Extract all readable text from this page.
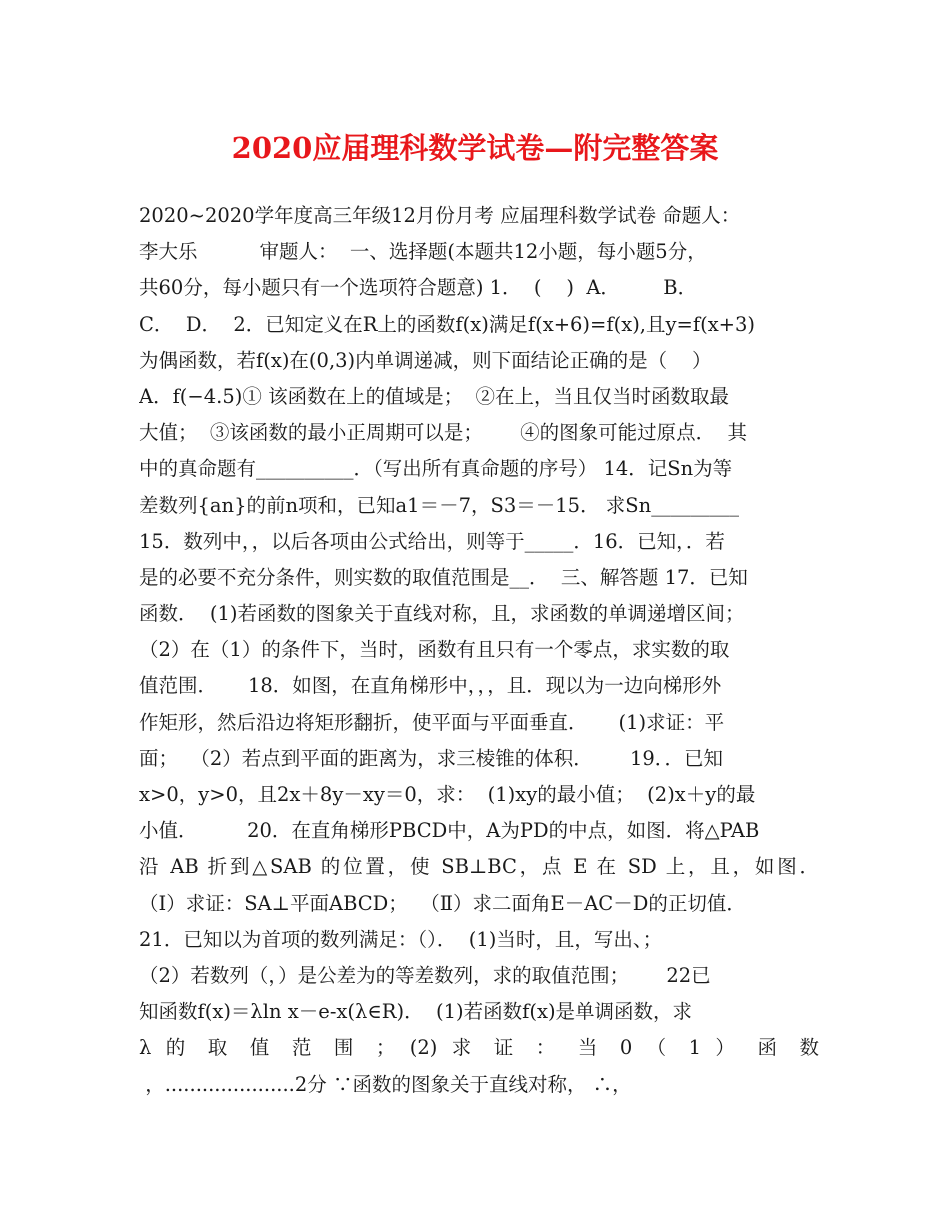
2020应届理科数学试卷—附完整答案
2020~2020学年度高三年级12月份月考 应届理科数学试卷 命题人：
李大乐          审题人：  一、选择题(本题共12小题，每小题5分，
共60分，每小题只有一个选项符合题意) 1．  (    )  A．       B．
C．  D．  2．已知定义在R上的函数f(x)满足f(x+6)=f(x),且y=f(x+3)
为偶函数，若f(x)在(0,3)内单调递减，则下面结论正确的是（    ）
A．f(−4.5)① 该函数在上的值域是；  ②在上，当且仅当时函数取最
大值；  ③该函数的最小正周期可以是；      ④的图象可能过原点．  其
中的真命题有__________．（写出所有真命题的序号） 14．记Sn为等
差数列{an}的前n项和，已知a1＝－7，S3＝－15． 求Sn_________
15．数列中，，以后各项由公式给出，则等于_____．16．已知，．若
是的必要不充分条件，则实数的取值范围是__．  三、解答题 17．已知
函数．  (1)若函数的图象关于直线对称，且，求函数的单调递增区间；
（2）在（1）的条件下，当时，函数有且只有一个零点，求实数的取
值范围．     18．如图，在直角梯形中，，，且．现以为一边向梯形外
作矩形，然后沿边将矩形翻折，使平面与平面垂直．     (1)求证：平
面；  （2）若点到平面的距离为，求三棱锥的体积．      19．．已知
x>0，y>0，且2x＋8y－xy＝0，求：  (1)xy的最小值；  (2)x＋y的最
小值．        20．在直角梯形PBCD中，A为PD的中点，如图．将△PAB
沿 AB 折到△SAB 的位置，使 SB⊥BC，点 E 在 SD 上，且，如图．
（Ⅰ）求证：SA⊥平面ABCD；  （Ⅱ）求二面角E－AC－D的正切值．
21．已知以为首项的数列满足：（）．  (1)当时，且，写出、；
（2）若数列（，）是公差为的等差数列，求的取值范围；      22已
知函数f(x)＝λln x－e-x(λ∈R)．  (1)若函数f(x)是单调函数，求
λ 的 取 值 范 围 ； (2) 求 证 ： 当 0 （ 1 ） 函 数
，.....................2分 ∵函数的图象关于直线对称， ∴，
